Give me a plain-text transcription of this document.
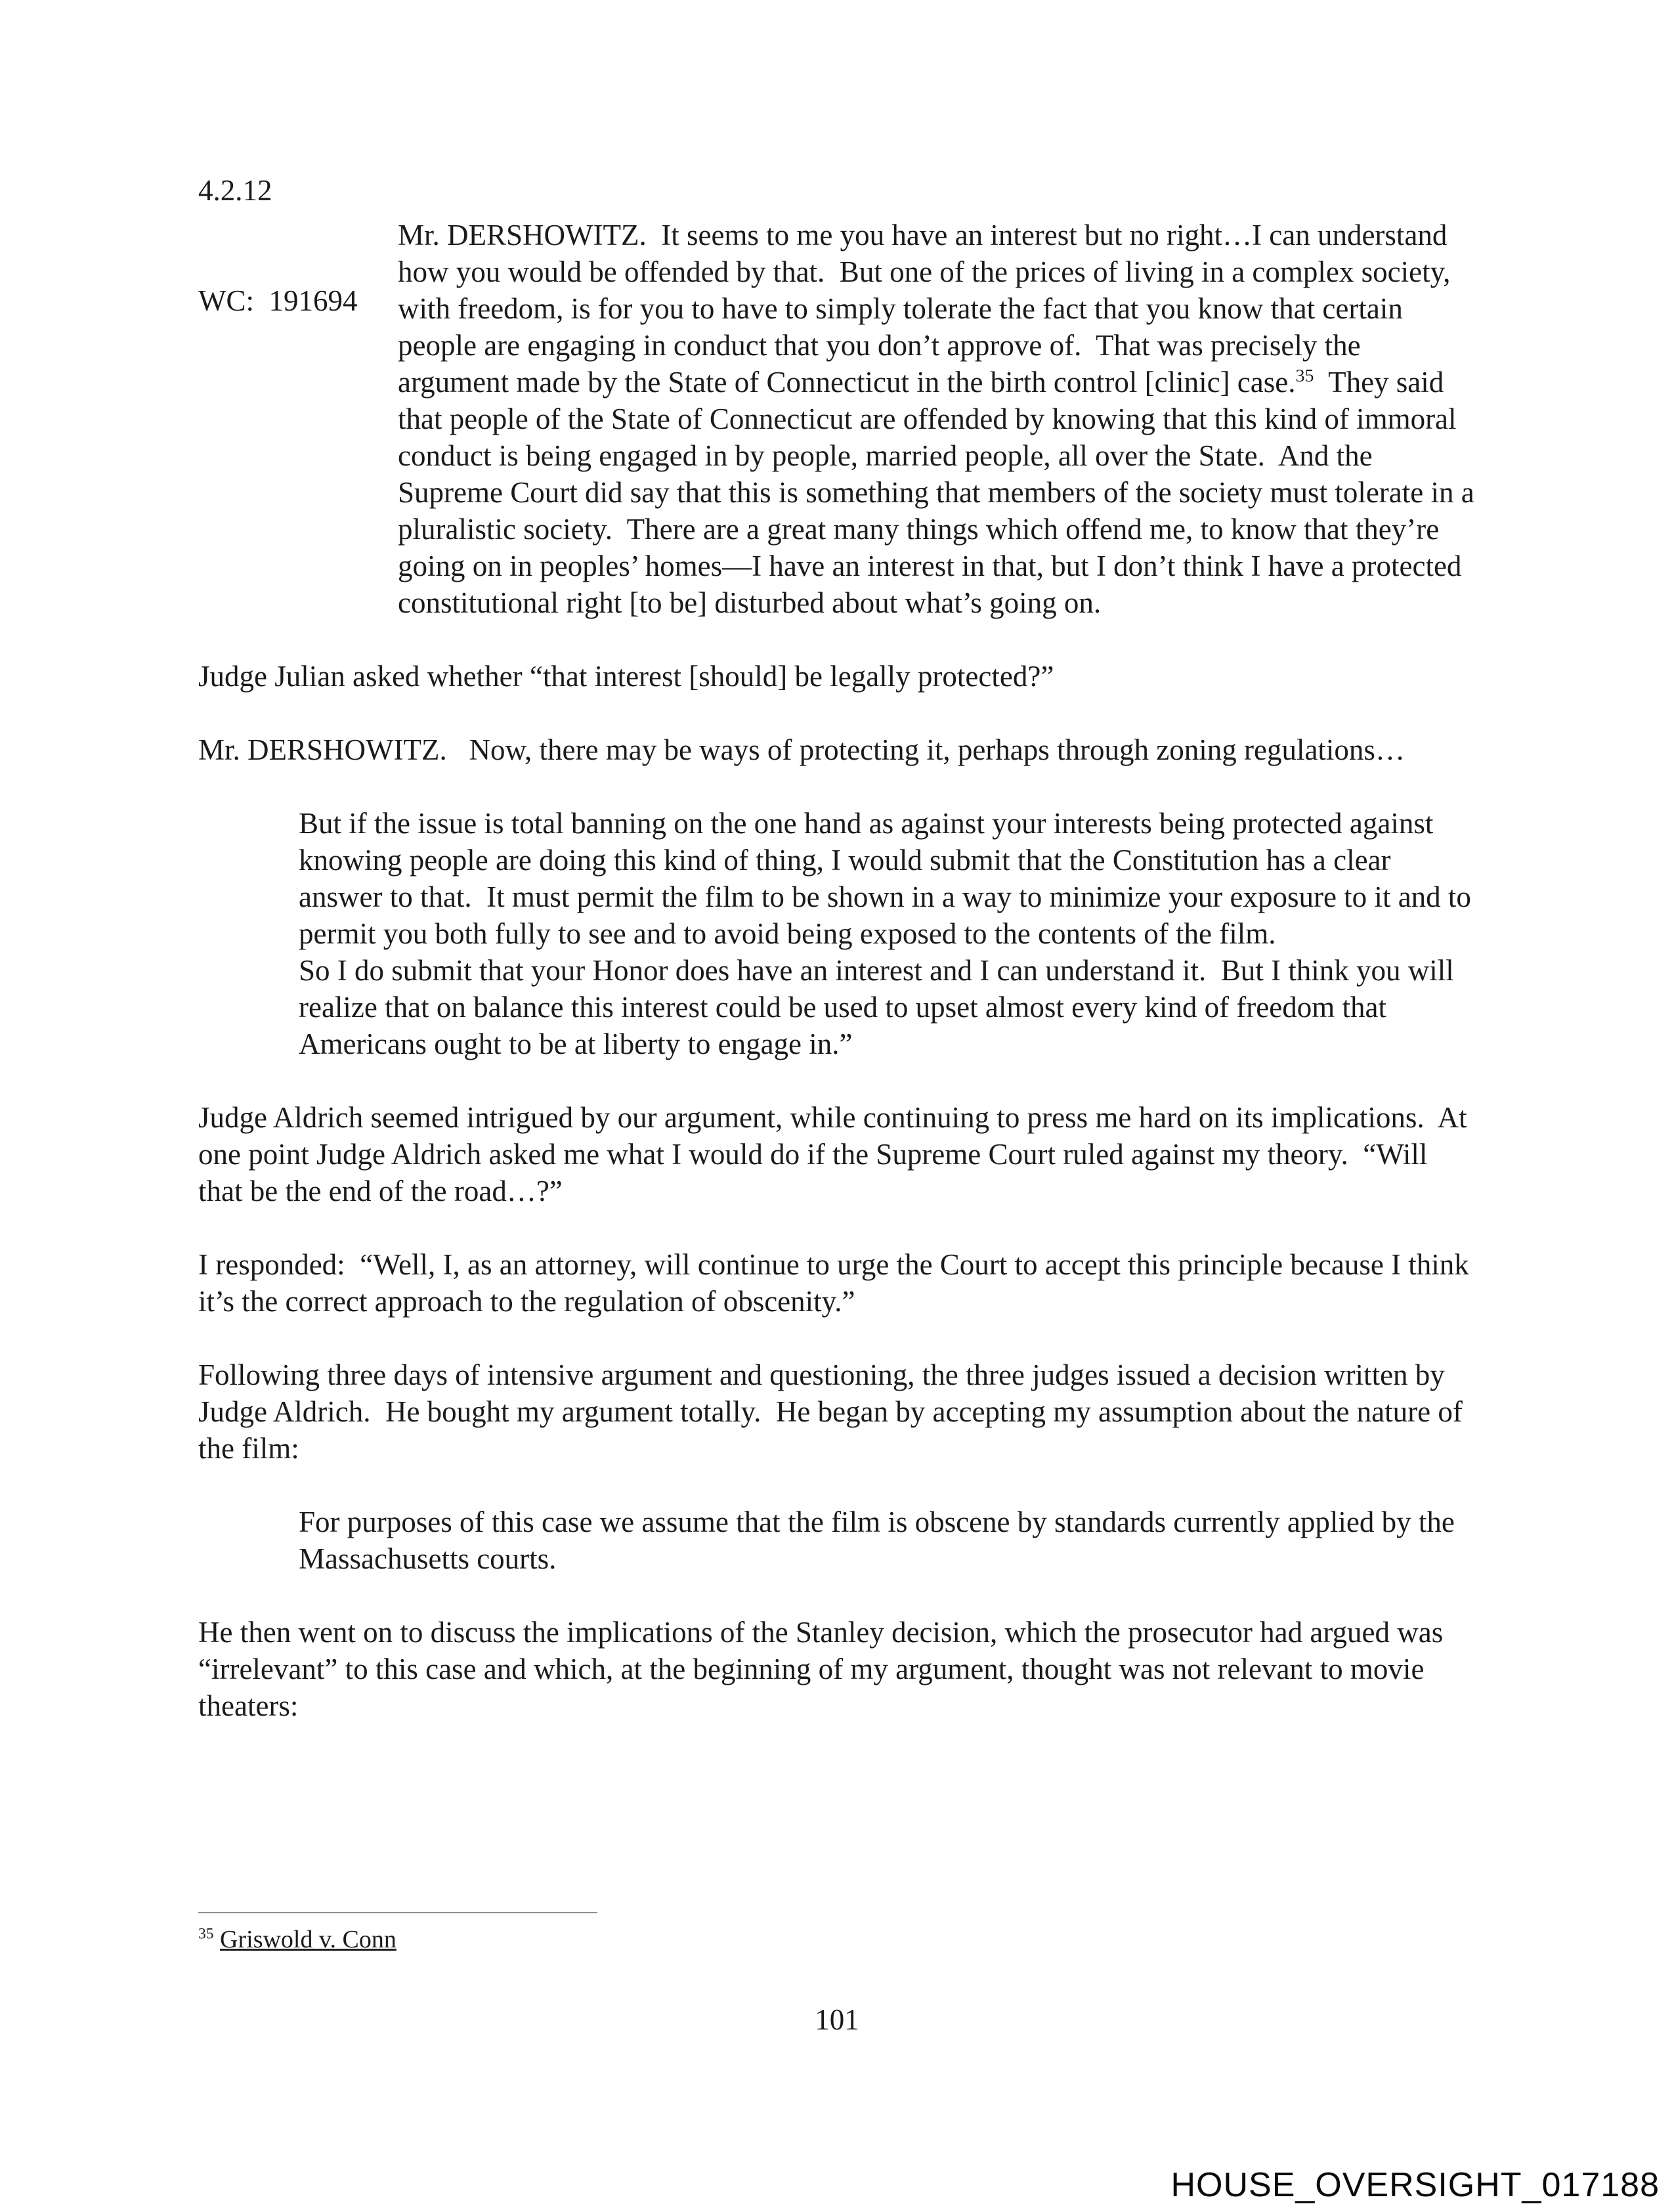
4.2.12

WC:  191694

Mr. DERSHOWITZ.  It seems to me you have an interest but no right…I can understand how you would be offended by that.  But one of the prices of living in a complex society, with freedom, is for you to have to simply tolerate the fact that you know that certain people are engaging in conduct that you don’t approve of.  That was precisely the argument made by the State of Connecticut in the birth control [clinic] case.$^{35}$  They said that people of the State of Connecticut are offended by knowing that this kind of immoral conduct is being engaged in by people, married people, all over the State.  And the Supreme Court did say that this is something that members of the society must tolerate in a pluralistic society.  There are a great many things which offend me, to know that they’re going on in peoples’ homes—I have an interest in that, but I don’t think I have a protected constitutional right [to be] disturbed about what’s going on.

Judge Julian asked whether “that interest [should] be legally protected?”

Mr. DERSHOWITZ.   Now, there may be ways of protecting it, perhaps through zoning regulations…

But if the issue is total banning on the one hand as against your interests being protected against knowing people are doing this kind of thing, I would submit that the Constitution has a clear answer to that.  It must permit the film to be shown in a way to minimize your exposure to it and to permit you both fully to see and to avoid being exposed to the contents of the film.

So I do submit that your Honor does have an interest and I can understand it.  But I think you will realize that on balance this interest could be used to upset almost every kind of freedom that Americans ought to be at liberty to engage in.”

Judge Aldrich seemed intrigued by our argument, while continuing to press me hard on its implications.  At one point Judge Aldrich asked me what I would do if the Supreme Court ruled against my theory.  “Will that be the end of the road…?”

I responded:  “Well, I, as an attorney, will continue to urge the Court to accept this principle because I think it’s the correct approach to the regulation of obscenity.”

Following three days of intensive argument and questioning, the three judges issued a decision written by Judge Aldrich.  He bought my argument totally.  He began by accepting my assumption about the nature of the film:

For purposes of this case we assume that the film is obscene by standards currently applied by the Massachusetts courts.

He then went on to discuss the implications of the Stanley decision, which the prosecutor had argued was “irrelevant” to this case and which, at the beginning of my argument, thought was not relevant to movie theaters:

$^{35}$ Griswold v. Conn
101
HOUSE_OVERSIGHT_017188
